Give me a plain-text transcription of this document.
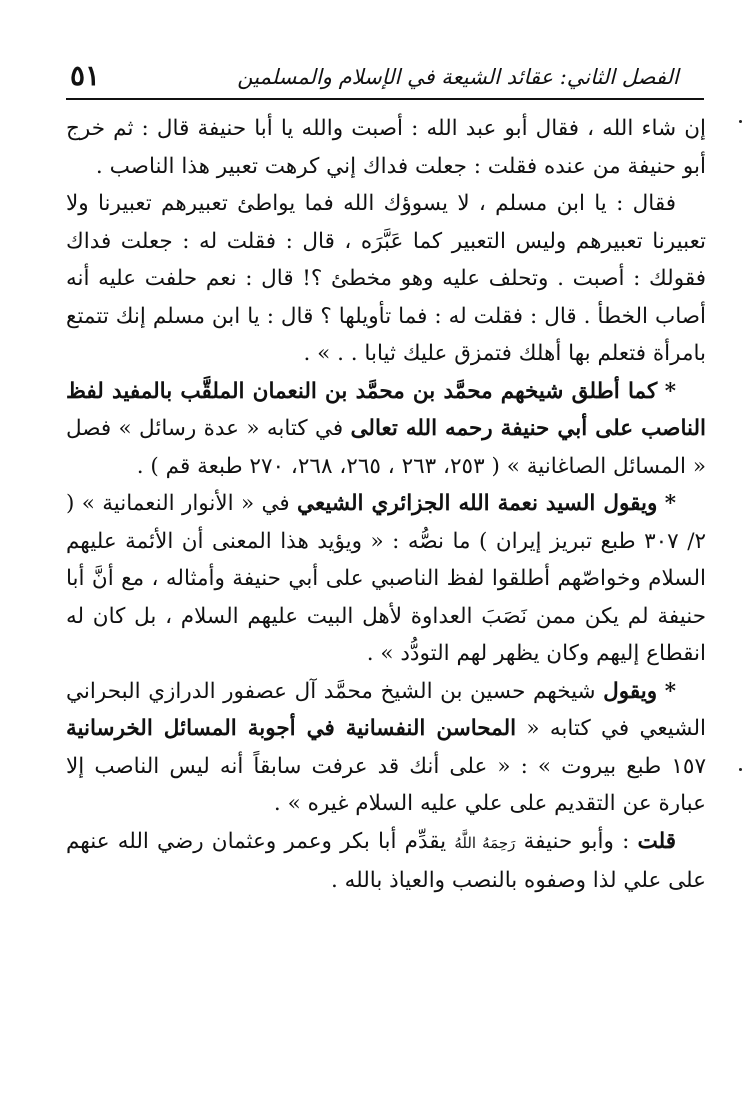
٥١	الفصل الثاني: عقائد الشيعة في الإسلام والمسلمين

إن شاء الله ، فقال أبو عبد الله : أصبت والله يا أبا حنيفة قال : ثم خرج أبو حنيفة من عنده فقلت : جعلت فداك إني كرهت تعبير هذا الناصب .

فقال : يا ابن مسلم ، لا يسوؤك الله فما يواطئ تعبيرهم تعبيرنا ولا تعبيرنا تعبيرهم وليس التعبير كما عَبَّرَه ، قال : فقلت له : جعلت فداك فقولك : أصبت . وتحلف عليه وهو مخطئ ؟! قال : نعم حلفت عليه أنه أصاب الخطأ . قال : فقلت له : فما تأويلها ؟ قال : يا ابن مسلم إنك تتمتع بامرأة فتعلم بها أهلك فتمزق عليك ثيابا . . » .

* كما أطلق شيخهم محمَّد بن محمَّد بن النعمان الملقَّب بالمفيد لفظ الناصب على أبي حنيفة رحمه الله تعالى في كتابه « عدة رسائل » فصل « المسائل الصاغانية » ( ٢٥٣، ٢٦٣ ، ٢٦٥، ٢٦٨، ٢٧٠ طبعة قم ) .

* ويقول السيد نعمة الله الجزائري الشيعي في « الأنوار النعمانية » ( ٢/ ٣٠٧ طبع تبريز إيران ) ما نصُّه : « ويؤيد هذا المعنى أن الأئمة عليهم السلام وخواصّهم أطلقوا لفظ الناصبي على أبي حنيفة وأمثاله ، مع أنَّ أبا حنيفة لم يكن ممن نَصَبَ العداوة لأهل البيت عليهم السلام ، بل كان له انقطاع إليهم وكان يظهر لهم التودُّد » .

* ويقول شيخهم حسين بن الشيخ محمَّد آل عصفور الدرازي البحراني الشيعي في كتابه « المحاسن النفسانية في أجوبة المسائل الخرسانية ١٥٧ طبع بيروت » : « على أنك قد عرفت سابقاً أنه ليس الناصب إلا عبارة عن التقديم على علي عليه السلام غيره » .

قلت : وأبو حنيفة رَحِمَهُ اللَّهُ يقدِّم أبا بكر وعمر وعثمان رضي الله عنهم على علي لذا وصفوه بالنصب والعياذ بالله .
